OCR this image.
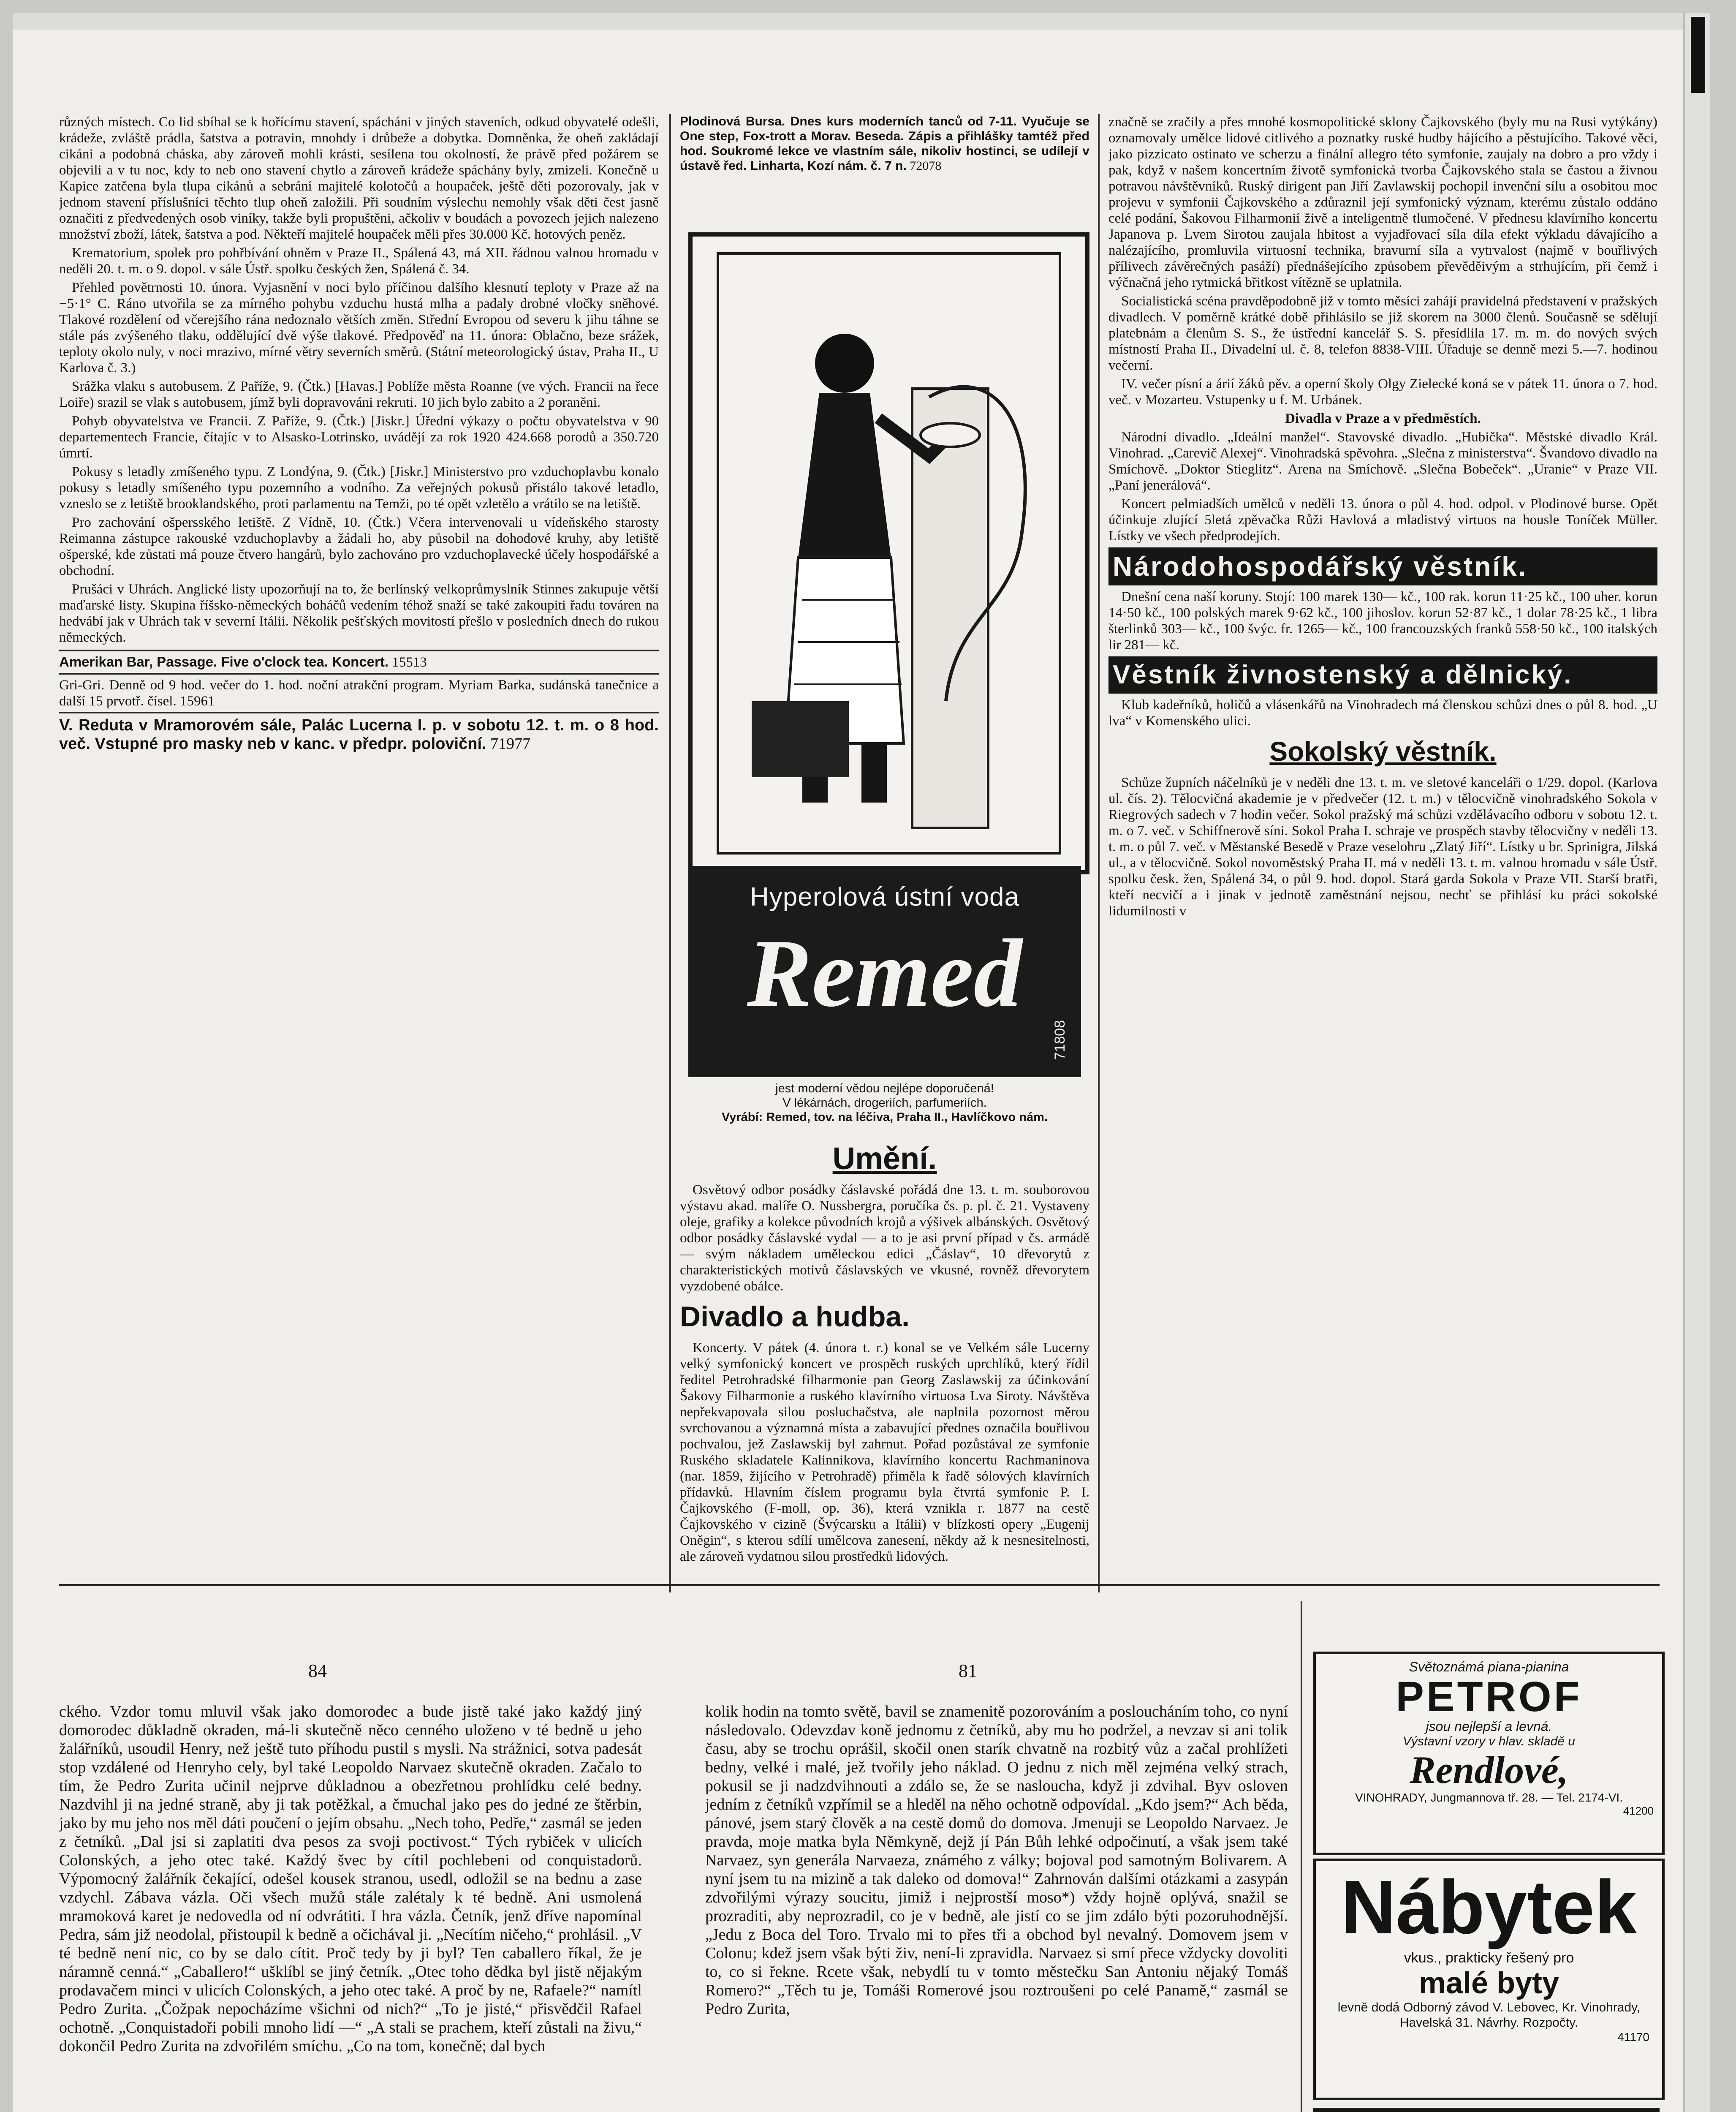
různých místech. Co lid sbíhal se k hořícímu stavení, spácháni v jiných staveních, odkud obyvatelé odešli, krádeže, zvláště prádla, šatstva a potravin, mnohdy i drůbeže a dobytka. Domněnka, že oheň zakládají cikáni a podobná cháska, aby zároveň mohli krásti, sesílena tou okolností, že právě před požárem se objevili a v tu noc, kdy to neb ono stavení chytlo a zároveň krádeže spáchány byly, zmizeli. Konečně u Kapice zatčena byla tlupa cikánů a sebrání majitelé kolotočů a houpaček, ještě děti pozorovaly, jak v jednom stavení příslušníci těchto tlup oheň založili. Při soudním výslechu nemohly však děti čest jasně označiti z předvedených osob viníky, takže byli propuštěni, ačkoliv v boudách a povozech jejich nalezeno množství zboží, látek, šatstva a pod. Někteří majitelé houpaček měli přes 30.000 Kč. hotových peněz.

Krematorium, spolek pro pohřbívání ohněm v Praze II., Spálená 43, má XII. řádnou valnou hromadu v neděli 20. t. m. o 9. dopol. v sále Ústř. spolku českých žen, Spálená č. 34.

Přehled povětrnosti 10. února. Vyjasnění v noci bylo příčinou dalšího klesnutí teploty v Praze až na −5·1° C. Ráno utvořila se za mírného pohybu vzduchu hustá mlha a padaly drobné vločky sněhové. Tlakové rozdělení od včerejšího rána nedoznalo větších změn. Střední Evropou od severu k jihu táhne se stále pás zvýšeného tlaku, oddělující dvě výše tlakové. Předpověď na 11. února: Oblačno, beze srážek, teploty okolo nuly, v noci mrazivo, mírné větry severních směrů. (Státní meteorologický ústav, Praha II., U Karlova č. 3.)

Srážka vlaku s autobusem. Z Paříže, 9. (Čtk.) [Havas.] Poblíže města Roanne (ve vých. Francii na řece Loiře) srazil se vlak s autobusem, jímž byli dopravováni rekruti. 10 jich bylo zabito a 2 poraněni.

Pohyb obyvatelstva ve Francii. Z Paříže, 9. (Čtk.) [Jiskr.] Úřední výkazy o počtu obyvatelstva v 90 departementech Francie, čítajíc v to Alsasko-Lotrinsko, uvádějí za rok 1920 424.668 porodů a 350.720 úmrtí.

Pokusy s letadly zmíšeného typu. Z Londýna, 9. (Čtk.) [Jiskr.] Ministerstvo pro vzduchoplavbu konalo pokusy s letadly smíšeného typu pozemního a vodního. Za veřejných pokusů přistálo takové letadlo, vzneslo se z letiště brooklandského, proti parlamentu na Temži, po té opět vzletělo a vrátilo se na letiště.

Pro zachování ošpersského letiště. Z Vídně, 10. (Čtk.) Včera intervenovali u vídeňského starosty Reimanna zástupce rakouské vzduchoplavby a žádali ho, aby působil na dohodové kruhy, aby letiště ošperské, kde zůstati má pouze čtvero hangárů, bylo zachováno pro vzduchoplavecké účely hospodářské a obchodní.

Prušáci v Uhrách. Anglické listy upozorňují na to, že berlínský velkoprůmyslník Stinnes zakupuje větší maďarské listy. Skupina říšsko-německých boháčů vedením téhož snaží se také zakoupiti řadu továren na hedvábí jak v Uhrách tak v severní Itálii. Několik pešťských movitostí přešlo v posledních dnech do rukou německých.

Amerikan Bar, Passage. Five o'clock tea. Koncert. 15513

Gri-Gri. Denně od 9 hod. večer do 1. hod. noční atrakční program. Myriam Barka, sudánská tanečnice a další 15 prvotř. čísel. 15961

V. Reduta v Mramorovém sále, Palác Lucerna I. p. v sobotu 12. t. m. o 8 hod. več. Vstupné pro masky neb v kanc. v předpr. poloviční. 71977

Plodinová Bursa. Dnes kurs moderních tanců od 7-11. Vyučuje se One step, Fox-trott a Morav. Beseda. Zápis a přihlášky tamtéž před hod. Soukromé lekce ve vlastním sále, nikoliv hostinci, se udílejí v ústavě řed. Linharta, Kozí nám. č. 7 n. 72078

Hyperolová ústní voda
Remed
71808
jest moderní vědou nejlépe doporučená!
V lékárnách, drogeriích, parfumeriích.
Vyrábí: Remed, tov. na léčiva, Praha II., Havlíčkovo nám.
Umění.

Osvětový odbor posádky čáslavské pořádá dne 13. t. m. souborovou výstavu akad. malíře O. Nussbergra, poručíka čs. p. pl. č. 21. Vystaveny oleje, grafiky a kolekce původních krojů a výšivek albánských. Osvětový odbor posádky čáslavské vydal — a to je asi první případ v čs. armádě — svým nákladem uměleckou edici „Čáslav“, 10 dřevorytů z charakteristických motivů čáslavských ve vkusné, rovněž dřevorytem vyzdobené obálce.

Divadlo a hudba.

Koncerty. V pátek (4. února t. r.) konal se ve Velkém sále Lucerny velký symfonický koncert ve prospěch ruských uprchlíků, který řídil ředitel Petrohradské filharmonie pan Georg Zaslawskij za účinkování Šakovy Filharmonie a ruského klavírního virtuosa Lva Siroty. Návštěva nepřekvapovala silou posluchačstva, ale naplnila pozornost měrou svrchovanou a významná místa a zabavující přednes označila bouřlivou pochvalou, jež Zaslawskij byl zahrnut. Pořad pozůstával ze symfonie Ruského skladatele Kalinnikova, klavírního koncertu Rachmaninova (nar. 1859, žijícího v Petrohradě) přiměla k řadě sólových klavírních přídavků. Hlavním číslem programu byla čtvrtá symfonie P. I. Čajkovského (F-moll, op. 36), která vznikla r. 1877 na cestě Čajkovského v cizině (Švýcarsku a Itálii) v blízkosti opery „Eugenij Oněgin“, s kterou sdílí umělcova zanesení, někdy až k nesnesitelnosti, ale zároveň vydatnou silou prostředků lidových.

značně se zračily a přes mnohé kosmopolitické sklony Čajkovského (byly mu na Rusi vytýkány) oznamovaly umělce lidové citlivého a poznatky ruské hudby hájícího a pěstujícího. Takové věci, jako pizzicato ostinato ve scherzu a finální allegro této symfonie, zaujaly na dobro a pro vždy i pak, když v našem koncertním životě symfonická tvorba Čajkovského stala se častou a živnou potravou návštěvníků. Ruský dirigent pan Jiří Zavlawskij pochopil invenční sílu a osobitou moc projevu v symfonii Čajkovského a zdůraznil její symfonický význam, kterému zůstalo oddáno celé podání, Šakovou Filharmonií živě a inteligentně tlumočené. V přednesu klavírního koncertu Japanova p. Lvem Sirotou zaujala hbitost a vyjadřovací síla díla efekt výkladu dávajícího a nalézajícího, promluvila virtuosní technika, bravurní síla a vytrvalost (najmě v bouřlivých přílivech závěrečných pasáží) přednášejícího způsobem převěděivým a strhujícím, při čemž i výčnačná jeho rytmická břitkost vítězně se uplatnila.

Socialistická scéna pravděpodobně již v tomto měsíci zahájí pravidelná představení v pražských divadlech. V poměrně krátké době přihlásilo se již skorem na 3000 členů. Současně se sdělují platebnám a členům S. S., že ústřední kancelář S. S. přesídlila 17. m. m. do nových svých místností Praha II., Divadelní ul. č. 8, telefon 8838-VIII. Úřaduje se denně mezi 5.—7. hodinou večerní.

IV. večer písní a árií žáků pěv. a operní školy Olgy Zielecké koná se v pátek 11. února o 7. hod. več. v Mozarteu. Vstupenky u f. M. Urbánek.

Divadla v Praze a v předměstích.

Národní divadlo. „Ideální manžel“. Stavovské divadlo. „Hubička“. Městské divadlo Král. Vinohrad. „Carevič Alexej“. Vinohradská spěvohra. „Slečna z ministerstva“. Švandovo divadlo na Smíchově. „Doktor Stieglitz“. Arena na Smíchově. „Slečna Bobeček“. „Uranie“ v Praze VII. „Paní jenerálová“.

Koncert pelmiadších umělců v neděli 13. února o půl 4. hod. odpol. v Plodinové burse. Opět účinkuje zlující 5letá zpěvačka Růži Havlová a mladistvý virtuos na housle Toníček Müller. Lístky ve všech předprodejích.

Národohospodářský věstník.

Dnešní cena naší koruny. Stojí: 100 marek 130— kč., 100 rak. korun 11·25 kč., 100 uher. korun 14·50 kč., 100 polských marek 9·62 kč., 100 jihoslov. korun 52·87 kč., 1 dolar 78·25 kč., 1 libra šterlinků 303— kč., 100 švýc. fr. 1265— kč., 100 francouzských franků 558·50 kč., 100 italských lir 281— kč.

Věstník živnostenský a dělnický.

Klub kadeřníků, holičů a vlásenkářů na Vinohradech má členskou schůzi dnes o půl 8. hod. „U lva“ v Komenského ulici.

Sokolský věstník.

Schůze župních náčelníků je v neděli dne 13. t. m. ve sletové kanceláři o 1/29. dopol. (Karlova ul. čís. 2). Tělocvičná akademie je v předvečer (12. t. m.) v tělocvičně vinohradského Sokola v Riegrových sadech v 7 hodin večer. Sokol pražský má schůzi vzdělávacího odboru v sobotu 12. t. m. o 7. več. v Schiffnerově síni. Sokol Praha I. schraje ve prospěch stavby tělocvičny v neděli 13. t. m. o půl 7. več. v Městanské Besedě v Praze veselohru „Zlatý Jiří“. Lístky u br. Sprinigra, Jilská ul., a v tělocvičně. Sokol novoměstský Praha II. má v neděli 13. t. m. valnou hromadu v sále Ústř. spolku česk. žen, Spálená 34, o půl 9. hod. dopol. Stará garda Sokola v Praze VII. Starší bratři, kteří necvičí a i jinak v jednotě zaměstnání nejsou, nechť se přihlásí ku práci sokolské lidumilnosti v

84	81

ckého. Vzdor tomu mluvil však jako domorodec a bude jistě také jako každý jiný domorodec důkladně okraden, má-li skutečně něco cenného uloženo v té bedně u jeho žalářníků, usoudil Henry, než ještě tuto příhodu pustil s mysli. Na strážnici, sotva padesát stop vzdálené od Henryho cely, byl také Leopoldo Narvaez skutečně okraden. Začalo to tím, že Pedro Zurita učinil nejprve důkladnou a obezřetnou prohlídku celé bedny. Nazdvihl ji na jedné straně, aby ji tak potěžkal, a čmuchal jako pes do jedné ze štěrbin, jako by mu jeho nos měl dáti poučení o jejím obsahu. „Nech toho, Pedře,“ zasmál se jeden z četníků. „Dal jsi si zaplatiti dva pesos za svoji poctivost.“ Tých rybiček v ulicích Colonských, a jeho otec také. Každý švec by cítil pochlebeni od conquistadorů. Výpomocný žalářník čekající, odešel kousek stranou, usedl, odložil se na bednu a zase vzdychl. Zábava vázla. Oči všech mužů stále zalétaly k té bedně. Ani usmolená mramoková karet je nedovedla od ní odvrátiti. I hra vázla. Četník, jenž dříve napomínal Pedra, sám již neodolal, přistoupil k bedně a očichával ji. „Necítím ničeho,“ prohlásil. „V té bedně není nic, co by se dalo cítit. Proč tedy by ji byl? Ten caballero říkal, že je náramně cenná.“ „Caballero!“ ušklíbl se jiný četník. „Otec toho dědka byl jistě nějakým prodavačem minci v ulicích Colonských, a jeho otec také. A proč by ne, Rafaele?“ namítl Pedro Zurita. „Čožpak nepocházíme všichni od nich?“ „To je jisté,“ přisvědčil Rafael ochotně. „Conquistadoři pobili mnoho lidí —“ „A stali se prachem, kteří zůstali na živu,“ dokončil Pedro Zurita na zdvořilém smíchu. „Co na tom, konečně; dal bych

kolik hodin na tomto světě, bavil se znamenitě pozorováním a posloucháním toho, co nyní následovalo. Odevzdav koně jednomu z četníků, aby mu ho podržel, a nevzav si ani tolik času, aby se trochu oprášil, skočil onen starík chvatně na rozbitý vůz a začal prohlížeti bedny, velké i malé, jež tvořily jeho náklad. O jednu z nich měl zejména velký strach, pokusil se ji nadzdvihnouti a zdálo se, že se nasloucha, když ji zdvihal. Byv osloven jedním z četníků vzpřímil se a hleděl na něho ochotně odpovídal. „Kdo jsem?“ Ach běda, pánové, jsem starý člověk a na cestě domů do domova. Jmenuji se Leopoldo Narvaez. Je pravda, moje matka byla Němkyně, dejž jí Pán Bůh lehké odpočinutí, a však jsem také Narvaez, syn generála Narvaeza, známého z války; bojoval pod samotným Bolivarem. A nyní jsem tu na mizině a tak daleko od domova!“ Zahrnován dalšími otázkami a zasypán zdvořilými výrazy soucitu, jimiž i nejprostší moso*) vždy hojně oplývá, snažil se prozraditi, aby neprozradil, co je v bedně, ale jistí co se jim zdálo býti pozoruhodnější. „Jedu z Boca del Toro. Trvalo mi to přes tři a obchod byl nevalný. Domovem jsem v Colonu; kdež jsem však býti živ, není-li zpravidla. Narvaez si smí přece vždycky dovoliti to, co si řekne. Rcete však, nebydlí tu v tomto městečku San Antoniu nějaký Tomáš Romero?“ „Těch tu je, Tomáši Romerové jsou roztroušeni po celé Panamě,“ zasmál se Pedro Zurita,

Světoznámá piana-pianina
PETROF
jsou nejlepší a levná.
Výstavní vzory v hlav. skladě u
Rendlové,
VINOHRADY, Jungmannova tř. 28. — Tel. 2174-VI.
41200
Nábytek
vkus., prakticky řešený pro
malé byty
levně dodá Odborný závod V. Lebovec, Kr. Vinohrady, Havelská 31. Návrhy. Rozpočty.
41170
